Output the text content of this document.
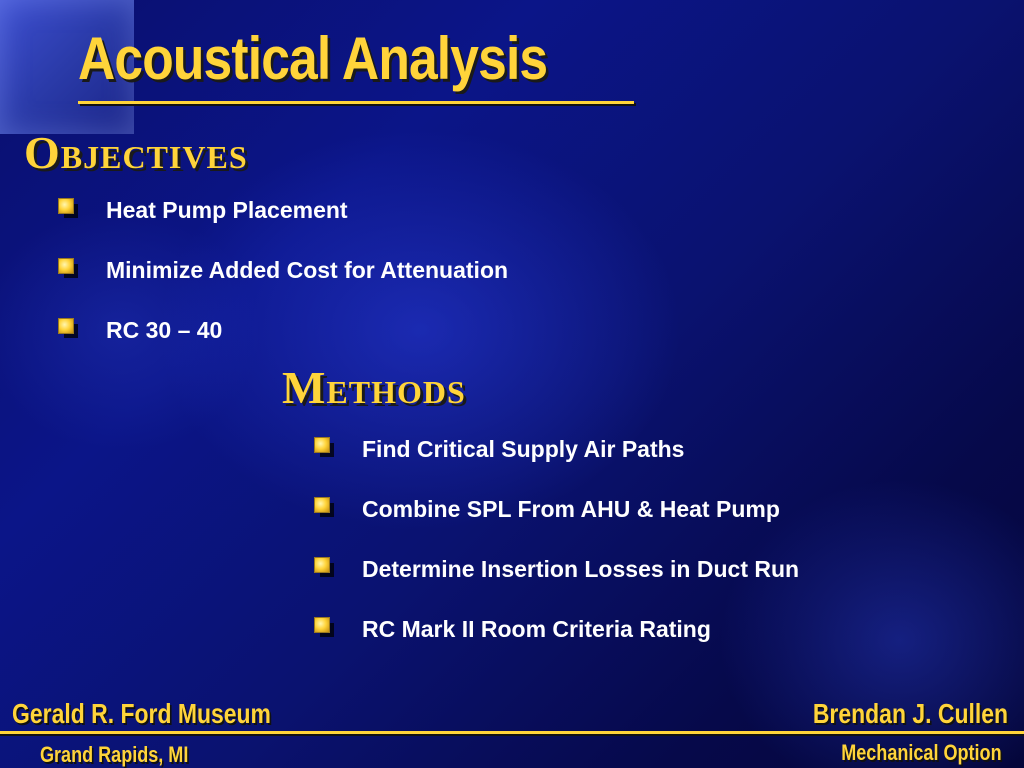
Acoustical Analysis
Objectives
Heat Pump Placement
Minimize Added Cost for Attenuation
RC 30 – 40
Methods
Find Critical Supply Air Paths
Combine SPL From AHU & Heat Pump
Determine Insertion Losses in Duct Run
RC Mark II Room Criteria Rating

Gerald R. Ford Museum

Grand Rapids, MI

Brendan J. Cullen

Mechanical Option
